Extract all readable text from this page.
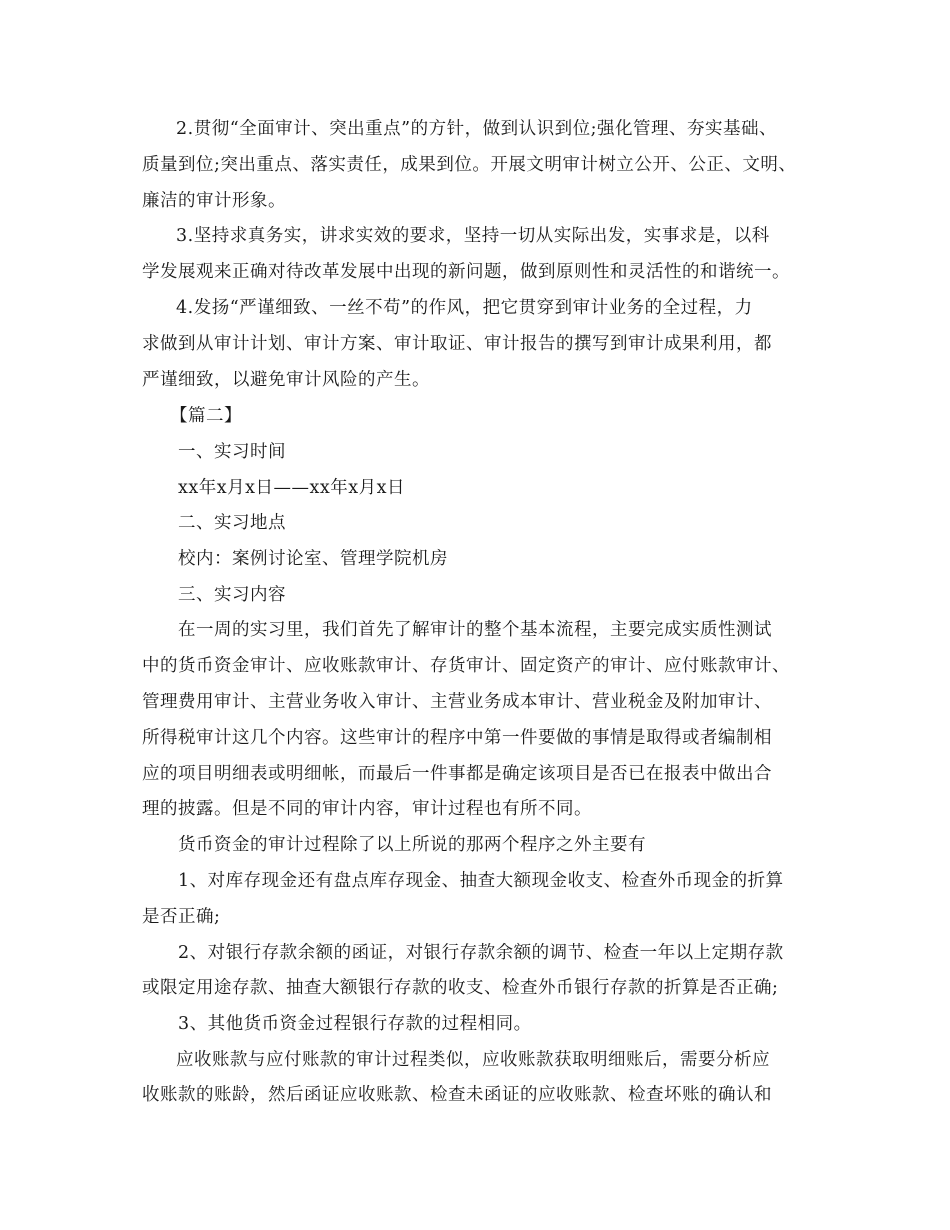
2.贯彻“全面审计、突出重点”的方针，做到认识到位;强化管理、夯实基础、
质量到位;突出重点、落实责任，成果到位。开展文明审计树立公开、公正、文明、
廉洁的审计形象。
3.坚持求真务实，讲求实效的要求，坚持一切从实际出发，实事求是，以科
学发展观来正确对待改革发展中出现的新问题，做到原则性和灵活性的和谐统一。
4.发扬“严谨细致、一丝不苟”的作风，把它贯穿到审计业务的全过程，力
求做到从审计计划、审计方案、审计取证、审计报告的撰写到审计成果利用，都
严谨细致，以避免审计风险的产生。
【篇二】
一、实习时间
xx年x月x日——xx年x月x日
二、实习地点
校内：案例讨论室、管理学院机房
三、实习内容
在一周的实习里，我们首先了解审计的整个基本流程，主要完成实质性测试
中的货币资金审计、应收账款审计、存货审计、固定资产的审计、应付账款审计、
管理费用审计、主营业务收入审计、主营业务成本审计、营业税金及附加审计、
所得税审计这几个内容。这些审计的程序中第一件要做的事情是取得或者编制相
应的项目明细表或明细帐，而最后一件事都是确定该项目是否已在报表中做出合
理的披露。但是不同的审计内容，审计过程也有所不同。
货币资金的审计过程除了以上所说的那两个程序之外主要有
1、对库存现金还有盘点库存现金、抽查大额现金收支、检查外币现金的折算
是否正确;
2、对银行存款余额的函证，对银行存款余额的调节、检查一年以上定期存款
或限定用途存款、抽查大额银行存款的收支、检查外币银行存款的折算是否正确;
3、其他货币资金过程银行存款的过程相同。
应收账款与应付账款的审计过程类似，应收账款获取明细账后，需要分析应
收账款的账龄，然后函证应收账款、检查未函证的应收账款、检查坏账的确认和
